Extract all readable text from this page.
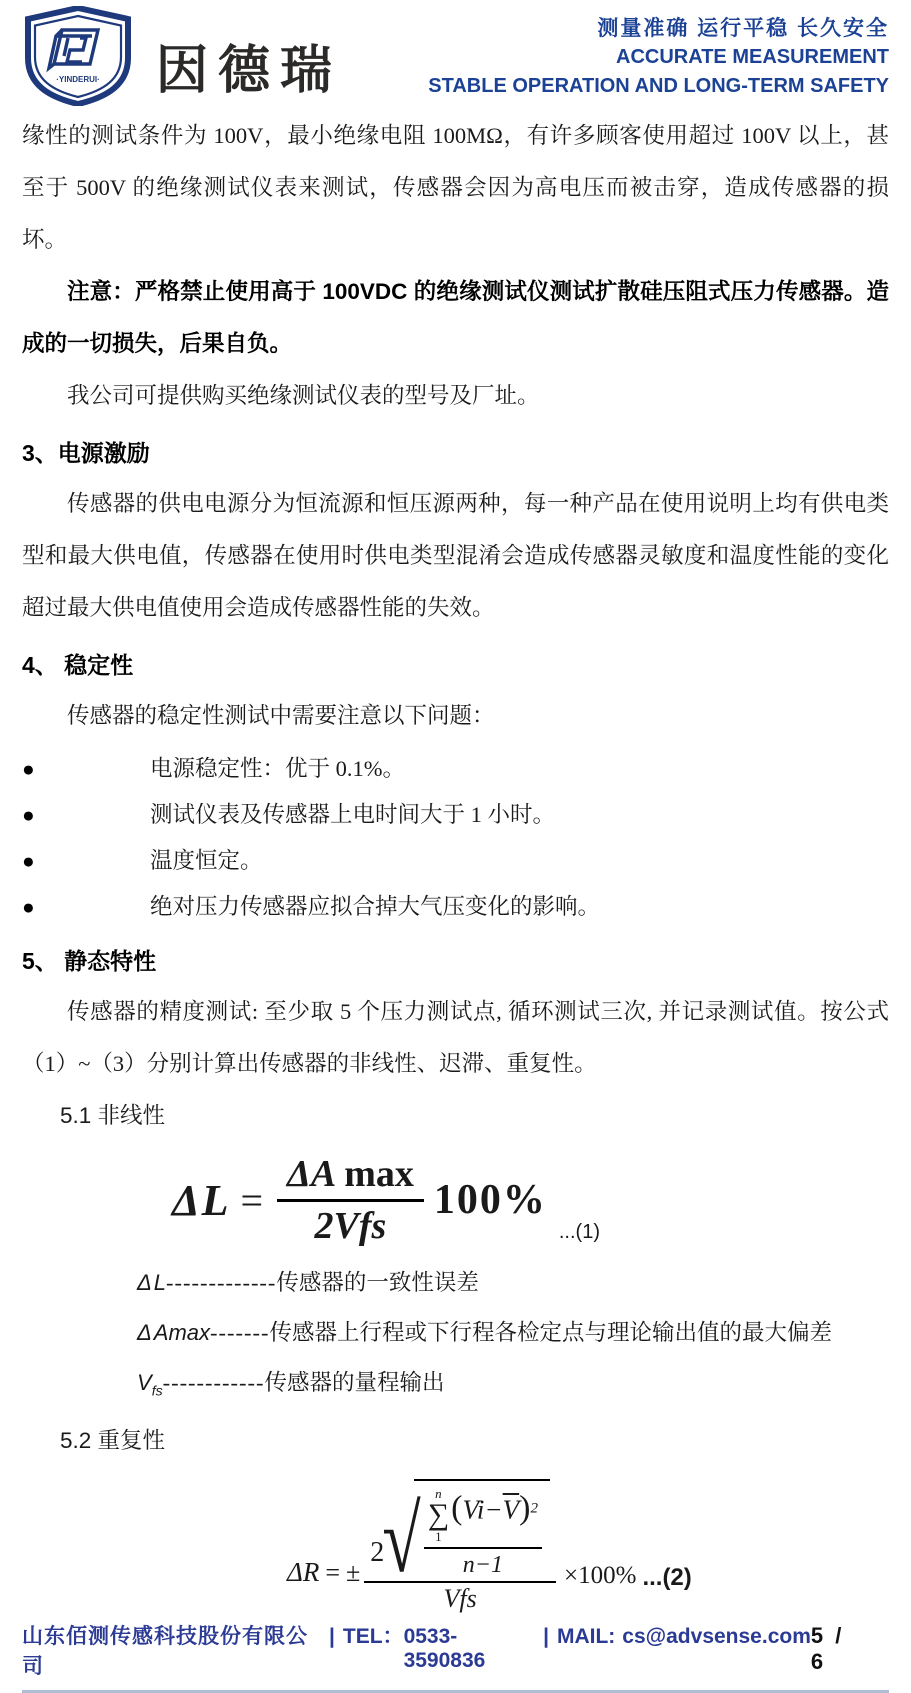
·YINDERUI· 因德瑞
测量准确 运行平稳 长久安全
ACCURATE MEASUREMENT
STABLE OPERATION AND LONG-TERM SAFETY

缘性的测试条件为 100V，最小绝缘电阻 100MΩ，有许多顾客使用超过 100V 以上，甚至于 500V 的绝缘测试仪表来测试，传感器会因为高电压而被击穿，造成传感器的损坏。

注意：严格禁止使用高于 100VDC 的绝缘测试仪测试扩散硅压阻式压力传感器。造成的一切损失，后果自负。

我公司可提供购买绝缘测试仪表的型号及厂址。

3、电源激励

传感器的供电电源分为恒流源和恒压源两种，每一种产品在使用说明上均有供电类型和最大供电值，传感器在使用时供电类型混淆会造成传感器灵敏度和温度性能的变化超过最大供电值使用会造成传感器性能的失效。

4、 稳定性

传感器的稳定性测试中需要注意以下问题：

●	电源稳定性：优于 0.1%。
●	测试仪表及传感器上电时间大于 1 小时。
●	温度恒定。
●	绝对压力传感器应拟合掉大气压变化的影响。
5、 静态特性

传感器的精度测试: 至少取 5 个压力测试点, 循环测试三次, 并记录测试值。按公式（1）~（3）分别计算出传感器的非线性、迟滞、重复性。

5.1 非线性
$\Delta L = \frac{\text{ΔA max}}{\text{2Vfs}} 100\%$
...(1)
ΔL-------------传感器的一致性误差
ΔAmax-------传感器上行程或下行程各检定点与理论输出值的最大偏差
$V_{fs}------------$传感器的量程输出
5.2 重复性
ΔR = ±
2
√ n
∑
1
$(Vi-\overline{V})2$
n−1
Vfs
×100% ...(2)
山东佰测传感科技股份有限公司
| TEL： 0533-3590836
| MAIL: cs@advsense.com 5 / 6
